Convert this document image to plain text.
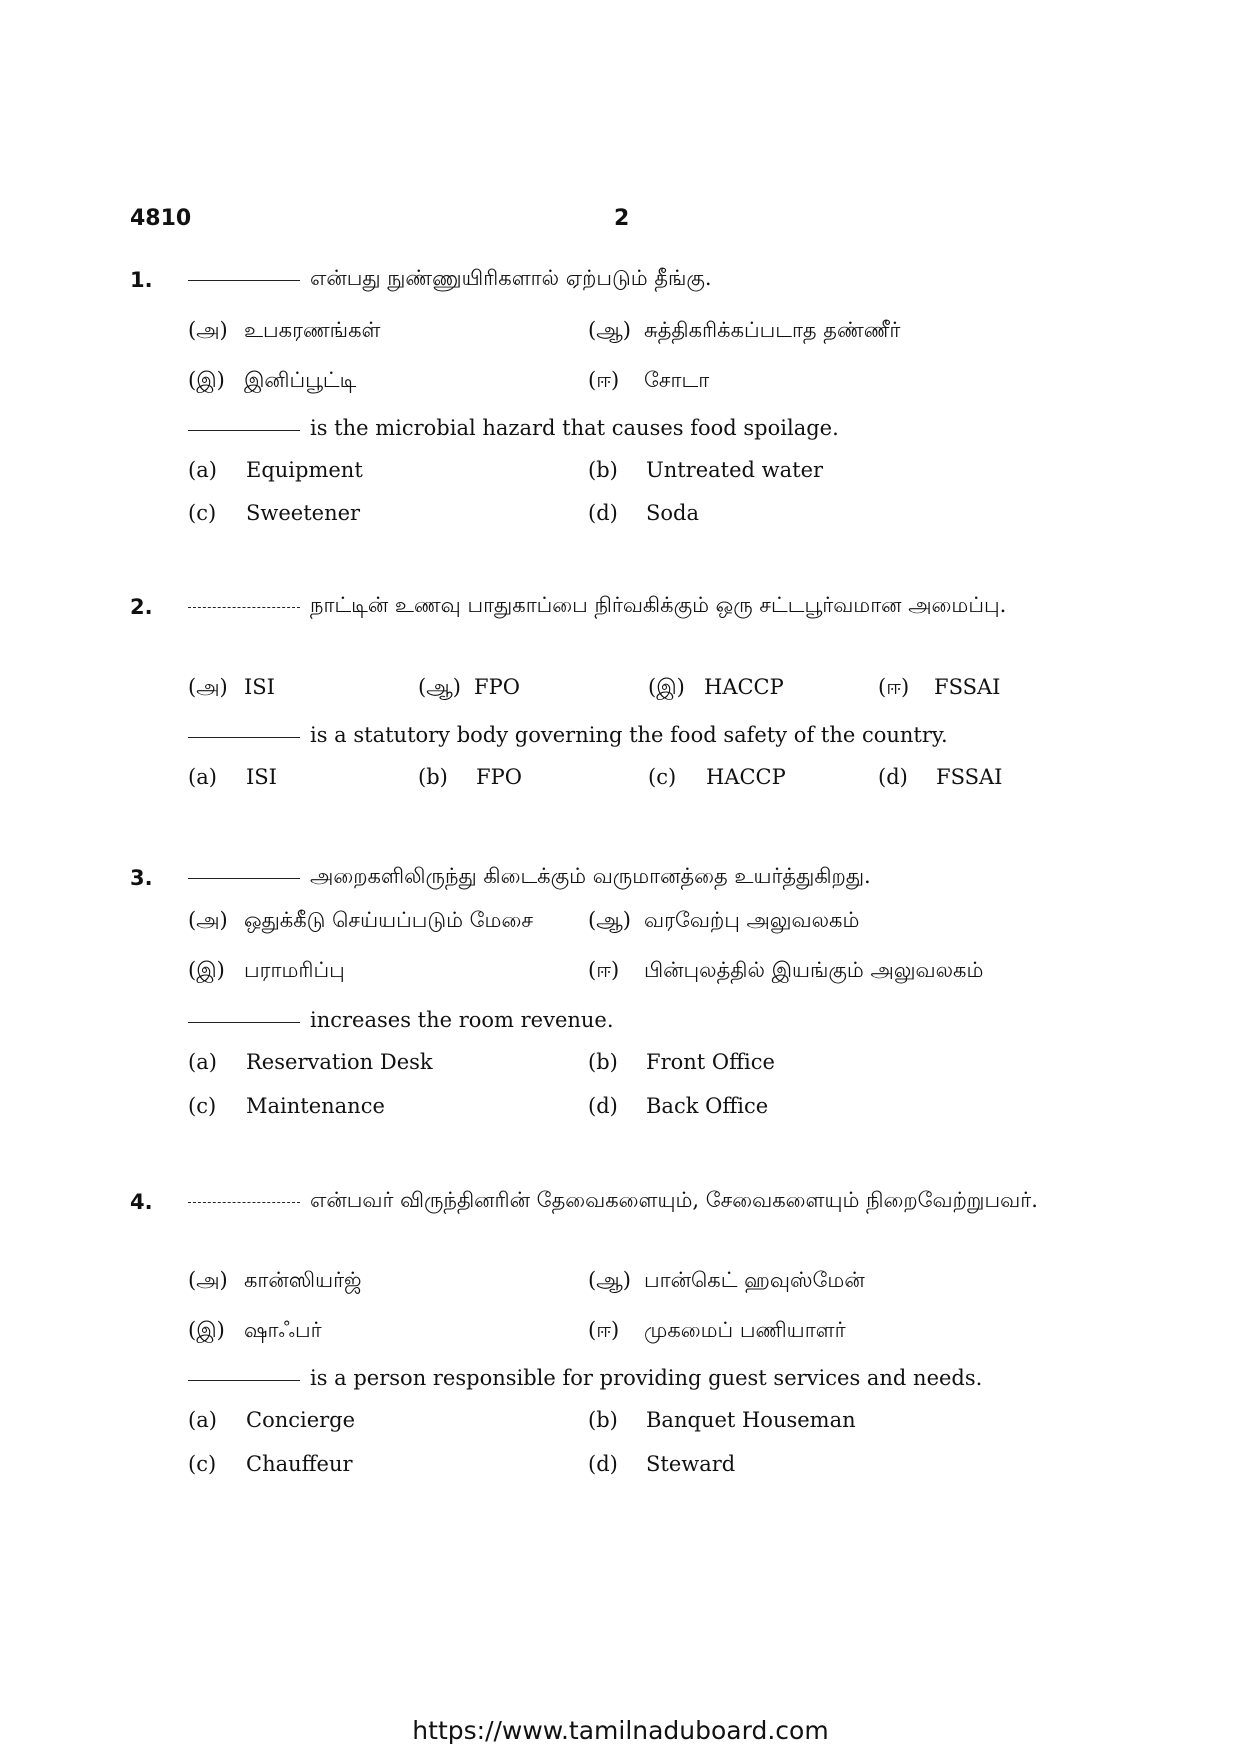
4810	2
1.	என்பது நுண்ணுயிரிகளால் ஏற்படும் தீங்கு.
(அ) உபகரணங்கள்	(ஆ) சுத்திகரிக்கப்படாத தண்ணீர்
(இ) இனிப்பூட்டி	(ஈ) சோடா
is the microbial hazard that causes food spoilage.
(a) Equipment	(b) Untreated water
(c) Sweetener	(d) Soda
2.	நாட்டின் உணவு பாதுகாப்பை நிர்வகிக்கும் ஒரு சட்டபூர்வமான அமைப்பு.
(அ) ISI	(ஆ) FPO	(இ) HACCP	(ஈ) FSSAI
is a statutory body governing the food safety of the country.
(a) ISI	(b) FPO	(c) HACCP	(d) FSSAI
3.	அறைகளிலிருந்து கிடைக்கும் வருமானத்தை உயர்த்துகிறது.
(அ) ஒதுக்கீடு செய்யப்படும் மேசை	(ஆ) வரவேற்பு அலுவலகம்
(இ) பராமரிப்பு	(ஈ) பின்புலத்தில் இயங்கும் அலுவலகம்
increases the room revenue.
(a) Reservation Desk	(b) Front Office
(c) Maintenance	(d) Back Office
4.	என்பவர் விருந்தினரின் தேவைகளையும், சேவைகளையும் நிறைவேற்றுபவர்.
(அ) கான்ஸியர்ஜ்	(ஆ) பான்கெட் ஹவுஸ்மேன்
(இ) ஷாஃபர்	(ஈ) முகமைப் பணியாளர்
is a person responsible for providing guest services and needs.
(a) Concierge	(b) Banquet Houseman
(c) Chauffeur	(d) Steward
https://www.tamilnaduboard.com
